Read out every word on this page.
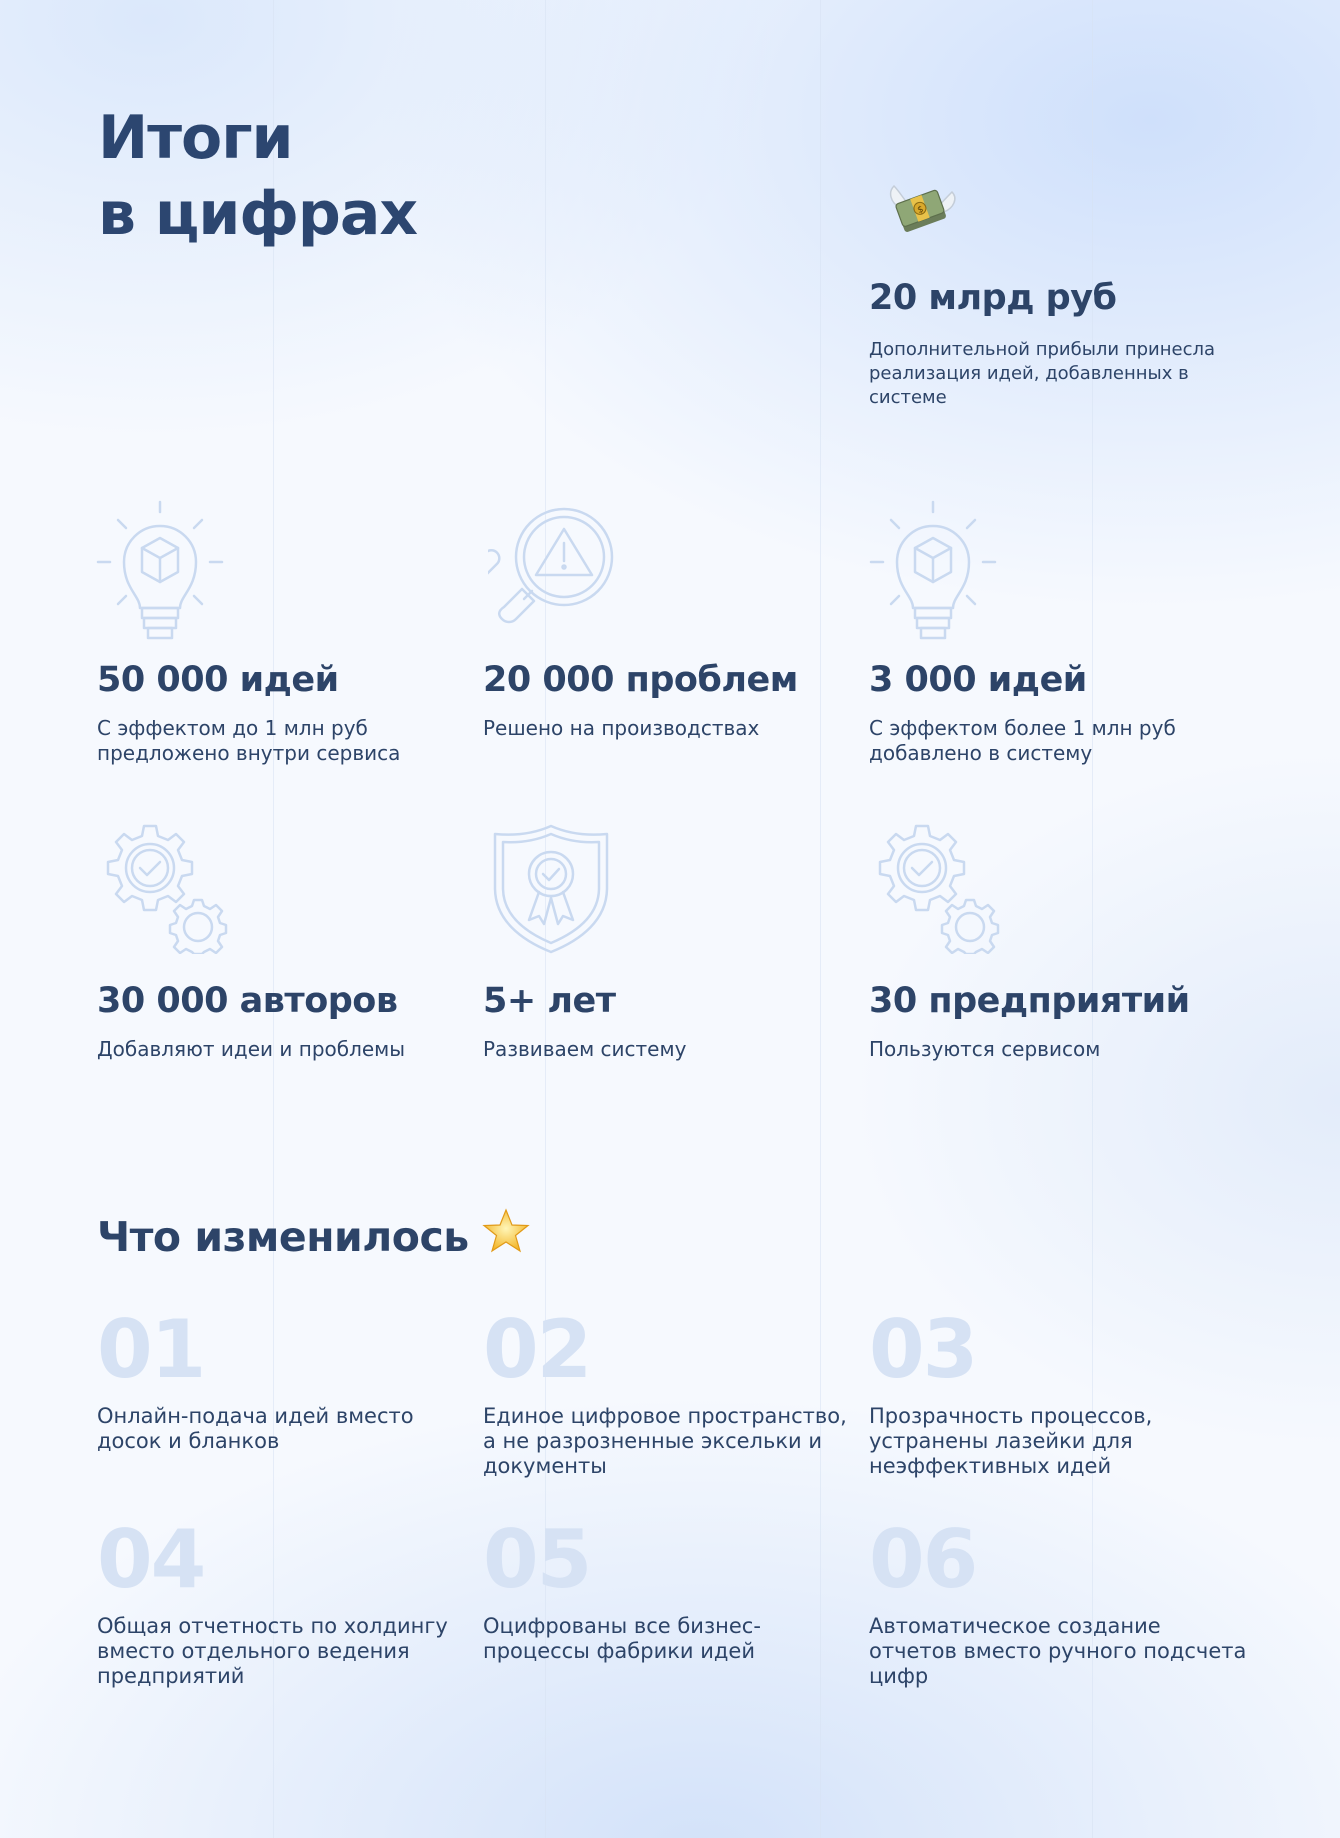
Итоги
в цифрах	$
20 млрд руб
Дополнительной прибыли принесла реализация идей, добавленных в системе
50 000 идей
С эффектом до 1 млн руб предложено внутри сервиса
20 000 проблем
Решено на производствах
3 000 идей
С эффектом более 1 млн руб добавлено в систему
30 000 авторов
Добавляют идеи и проблемы
5+ лет
Развиваем систему
30 предприятий
Пользуются сервисом
Что изменилось
01
Онлайн-подача идей вместо досок и бланков
02
Единое цифровое пространство, а не разрозненные эксельки и документы
03
Прозрачность процессов, устранены лазейки для неэффективных идей
04
Общая отчетность по холдингу вместо отдельного ведения предприятий
05
Оцифрованы все бизнес-процессы фабрики идей
06
Автоматическое создание отчетов вместо ручного подсчета цифр
